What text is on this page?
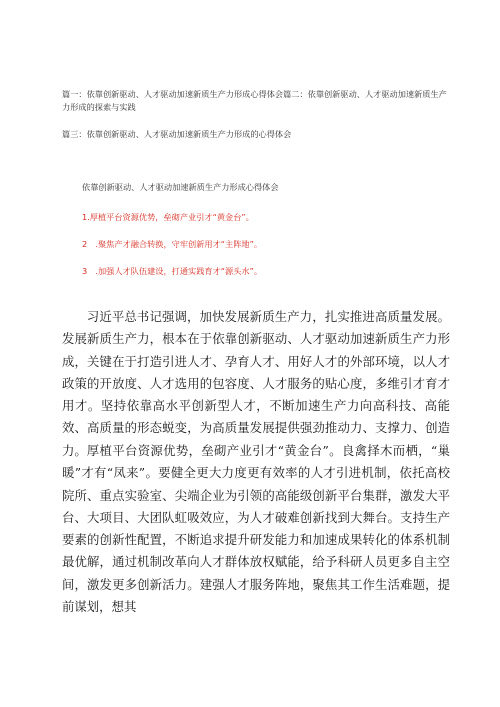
篇一：依靠创新驱动、人才驱动加速新质生产力形成心得体会篇二：依靠创新驱动、人才驱动加速新质生产力形成的探索与实践
篇三：依靠创新驱动、人才驱动加速新质生产力形成的心得体会
依靠创新驱动、人才驱动加速新质生产力形成心得体会
1.厚植平台资源优势，垒砌产业引才“黄金台”。
2　.聚焦产才融合转换，守牢创新用才“主阵地”。
3　.加强人才队伍建设，打通实践育才“源头水”。

习近平总书记强调，加快发展新质生产力，扎实推进高质量发展。发展新质生产力，根本在于依靠创新驱动、人才驱动加速新质生产力形成，关键在于打造引进人才、孕育人才、用好人才的外部环境，以人才政策的开放度、人才选用的包容度、人才服务的贴心度，多维引才育才用才。坚持依靠高水平创新型人才，不断加速生产力向高科技、高能效、高质量的形态蜕变，为高质量发展提供强劲推动力、支撑力、创造力。 厚植平台资源优势，垒砌产业引才“黄金台”。良禽择木而栖，“巢暖”才有“凤来”。要健全更大力度更有效率的人才引进机制，依托高校院所、重点实验室、尖端企业为引领的高能级创新平台集群，激发大平台、大项目、大团队虹吸效应，为人才破难创新找到大舞台。支持生产要素的创新性配置，不断追求提升研发能力和加速成果转化的体系机制最优解，通过机制改革向人才群体放权赋能，给予科研人员更多自主空间，激发更多创新活力。建强人才服务阵地，聚焦其工作生活难题，提前谋划，想其
